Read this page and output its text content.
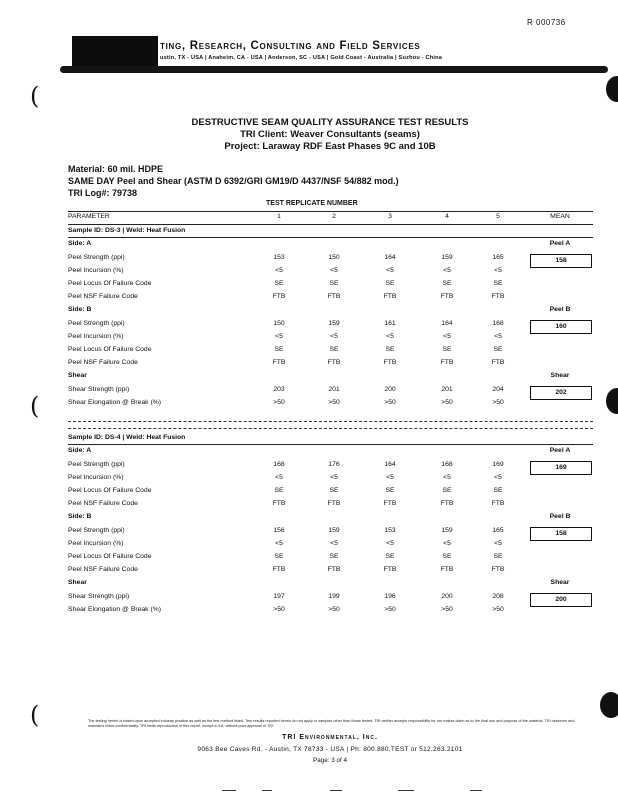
R 000736
ting, Research, Consulting and Field Services
ustin, TX - USA | Anaheim, CA - USA | Anderson, SC - USA | Gold Coast - Australia | Suzhou - China
(
(
(
DESTRUCTIVE SEAM QUALITY ASSURANCE TEST RESULTS
TRI Client: Weaver Consultants (seams)
Project: Laraway RDF East Phases 9C and 10B
Material: 60 mil. HDPE
SAME DAY Peel and Shear (ASTM D 6392/GRI GM19/D 4437/NSF 54/882 mod.)
TRI Log#: 79738
TEST REPLICATE NUMBER
PARAMETER	1	2	3	4	5	MEAN
Sample ID: DS-3 | Weld: Heat Fusion
Side: A	Peel A
Peel Strength (ppi)	153	150	164	159	165	158
Peel Incursion (%)	<5	<5	<5	<5	<5
Peel Locus Of Failure Code	SE	SE	SE	SE	SE
Peel NSF Failure Code	FTB	FTB	FTB	FTB	FTB
Side: B	Peel B
Peel Strength (ppi)	150	159	161	164	168	160
Peel Incursion (%)	<5	<5	<5	<5	<5
Peel Locus Of Failure Code	SE	SE	SE	SE	SE
Peel NSF Failure Code	FTB	FTB	FTB	FTB	FTB
Shear	Shear
Shear Strength (ppi)	203	201	200	201	204	202
Shear Elongation @ Break (%)	>50	>50	>50	>50	>50
Sample ID: DS-4 | Weld: Heat Fusion
Side: A	Peel A
Peel Strength (ppi)	168	176	164	168	169	169
Peel Incursion (%)	<5	<5	<5	<5	<5
Peel Locus Of Failure Code	SE	SE	SE	SE	SE
Peel NSF Failure Code	FTB	FTB	FTB	FTB	FTB
Side: B	Peel B
Peel Strength (ppi)	156	159	153	159	165	158
Peel Incursion (%)	<5	<5	<5	<5	<5
Peel Locus Of Failure Code	SE	SE	SE	SE	SE
Peel NSF Failure Code	FTB	FTB	FTB	FTB	FTB
Shear	Shear
Shear Strength (ppi)	197	199	196	200	208	200
Shear Elongation @ Break (%)	>50	>50	>50	>50	>50
The testing herein is based upon accepted industry practice as well as the test method listed. Test results reported herein do not apply to samples other than those tested. TRI neither accepts responsibility for nor makes claim as to the final use and purpose of the material. TRI observes and maintains client confidentiality. TRI limits reproduction of this report, except in full, without prior approval of TRI.
TRI Environmental, Inc.
9063 Bee Caves Rd. - Austin, TX 78733 - USA | Ph: 800.880.TEST or 512.263.2101
Page: 3 of 4
